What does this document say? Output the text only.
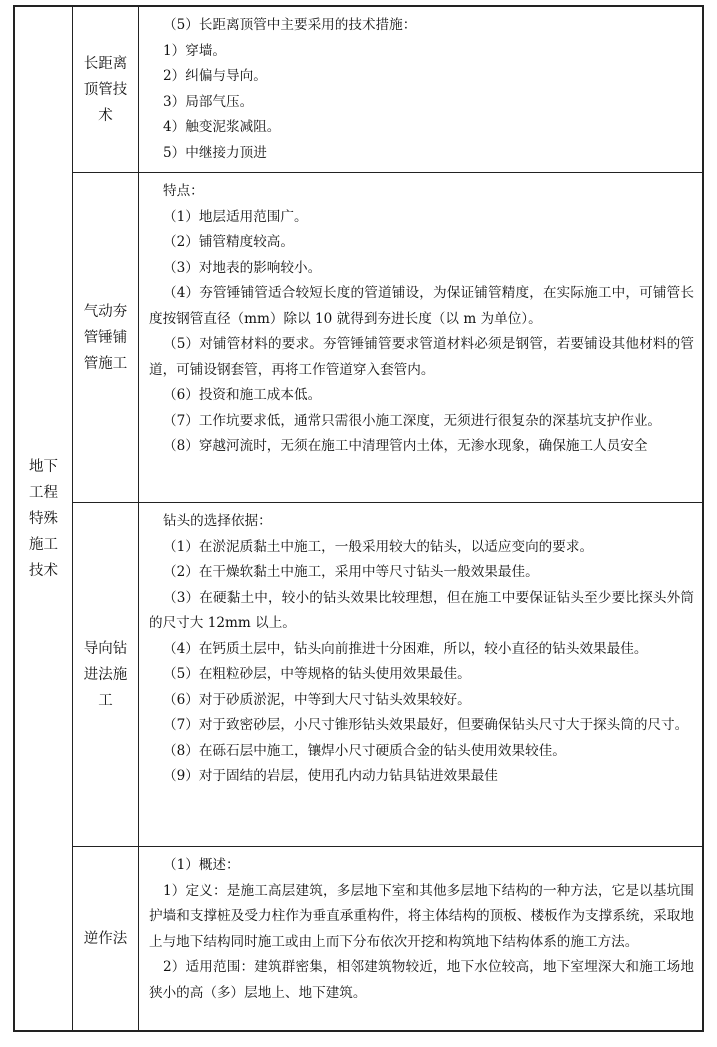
地下工程特殊施工技术
长距离顶管技术
（5）长距离顶管中主要采用的技术措施：
1）穿墙。
2）纠偏与导向。
3）局部气压。
4）触变泥浆减阻。
5）中继接力顶进
气动夯管锤铺管施工
特点：
（1）地层适用范围广。
（2）铺管精度较高。
（3）对地表的影响较小。
（4）夯管锤铺管适合较短长度的管道铺设，为保证铺管精度，在实际施工中，可铺管长度按钢管直径（mm）除以 10 就得到夯进长度（以 m 为单位）。
（5）对铺管材料的要求。夯管锤铺管要求管道材料必须是钢管，若要铺设其他材料的管道，可铺设钢套管，再将工作管道穿入套管内。
（6）投资和施工成本低。
（7）工作坑要求低，通常只需很小施工深度，无须进行很复杂的深基坑支护作业。
（8）穿越河流时，无须在施工中清理管内土体，无渗水现象，确保施工人员安全
导向钻进法施工
钻头的选择依据：
（1）在淤泥质黏土中施工，一般采用较大的钻头，以适应变向的要求。
（2）在干燥软黏土中施工，采用中等尺寸钻头一般效果最佳。
（3）在硬黏土中，较小的钻头效果比较理想，但在施工中要保证钻头至少要比探头外筒的尺寸大 12mm 以上。
（4）在钙质土层中，钻头向前推进十分困难，所以，较小直径的钻头效果最佳。
（5）在粗粒砂层，中等规格的钻头使用效果最佳。
（6）对于砂质淤泥，中等到大尺寸钻头效果较好。
（7）对于致密砂层，小尺寸锥形钻头效果最好，但要确保钻头尺寸大于探头筒的尺寸。
（8）在砾石层中施工，镶焊小尺寸硬质合金的钻头使用效果较佳。
（9）对于固结的岩层，使用孔内动力钻具钻进效果最佳
逆作法
（1）概述：
1）定义：是施工高层建筑，多层地下室和其他多层地下结构的一种方法，它是以基坑围护墙和支撑桩及受力柱作为垂直承重构件，将主体结构的顶板、楼板作为支撑系统，采取地上与地下结构同时施工或由上而下分布依次开挖和构筑地下结构体系的施工方法。
2）适用范围：建筑群密集，相邻建筑物较近，地下水位较高，地下室埋深大和施工场地狭小的高（多）层地上、地下建筑。
